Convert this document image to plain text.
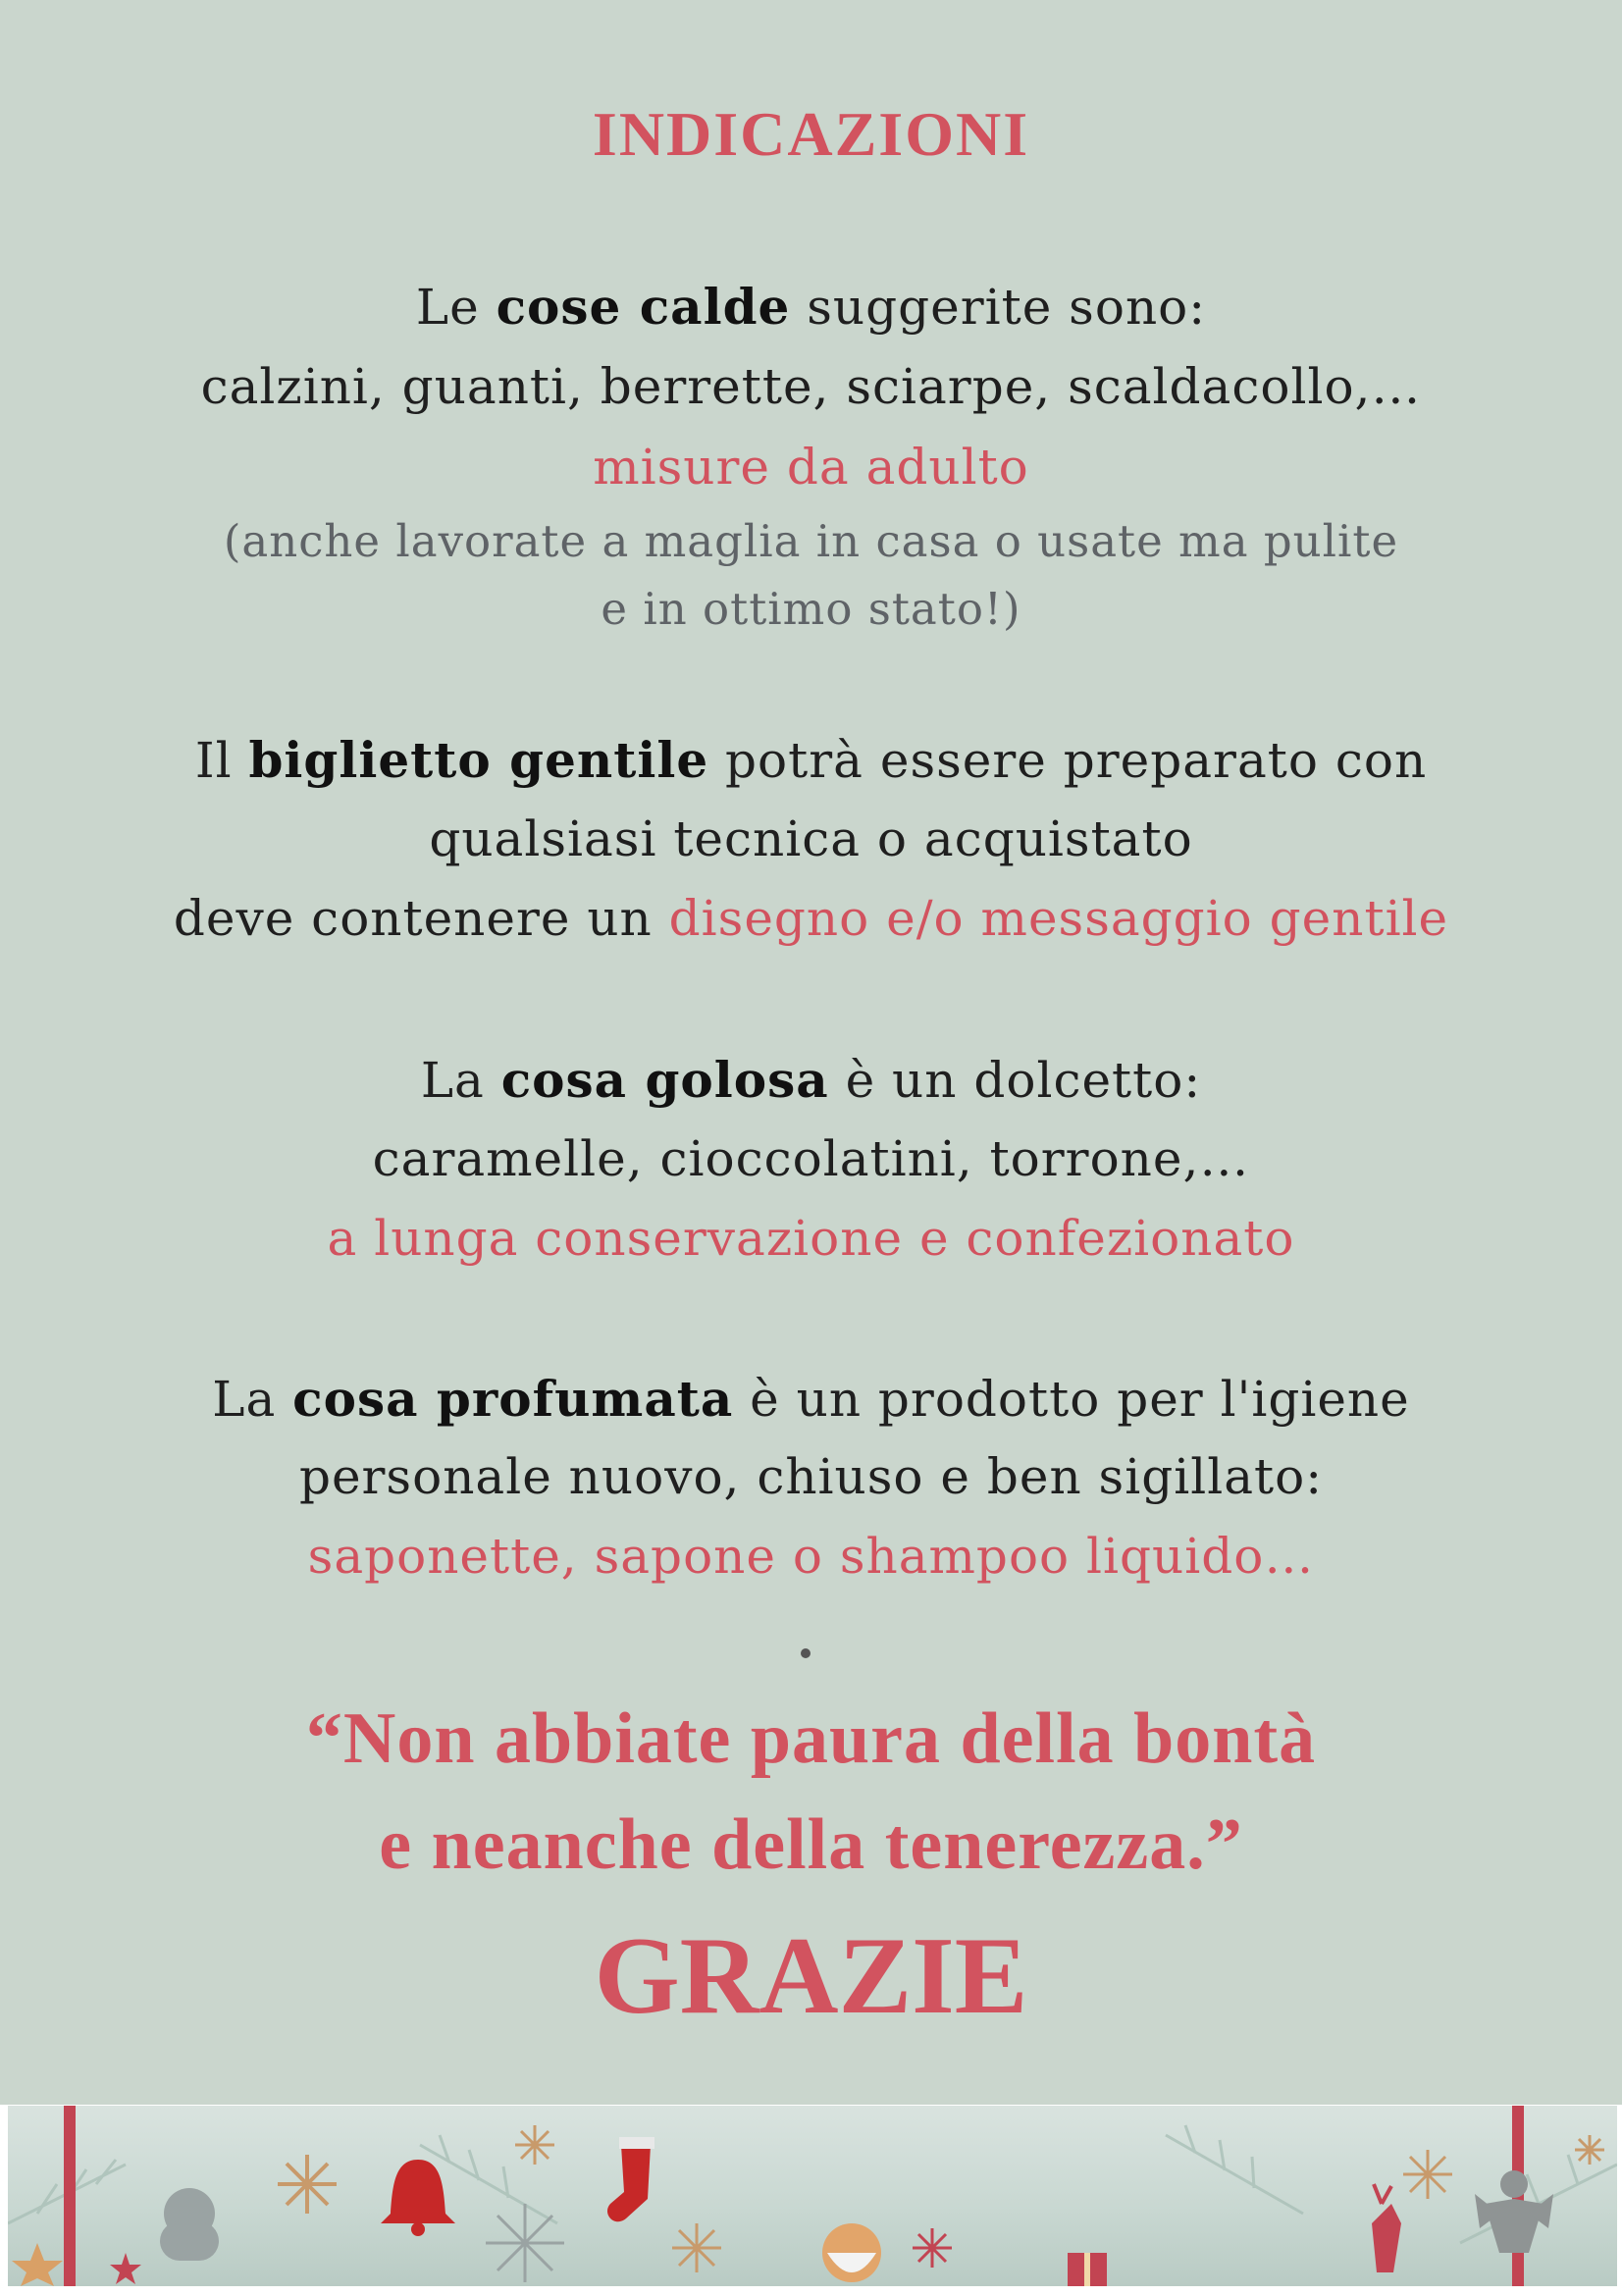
INDICAZIONI
Le cose calde suggerite sono:
calzini, guanti, berrette, sciarpe, scaldacollo,…
misure da adulto
(anche lavorate a maglia in casa o usate ma pulite
e in ottimo stato!)
Il biglietto gentile potrà essere preparato con
qualsiasi tecnica o acquistato
deve contenere un disegno e/o messaggio gentile
La cosa golosa è un dolcetto:
caramelle, cioccolatini, torrone,…
a lunga conservazione e confezionato
La cosa profumata è un prodotto per l'igiene
personale nuovo, chiuso e ben sigillato:
saponette, sapone o shampoo liquido…
“Non abbiate paura della bontà
e neanche della tenerezza.”
GRAZIE
